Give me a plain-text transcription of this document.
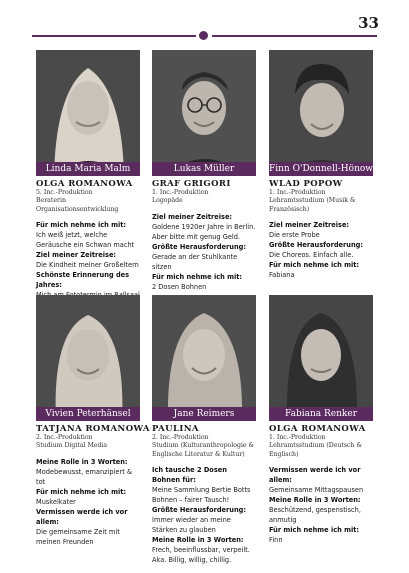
33
Linda Maria Malm
OLGA ROMANOWA
5. Inc.-Produktion
Beraterin Organisationsentwicklung
Für mich nehme ich mit:
Ich weiß jetzt, welche Geräusche ein Schwan macht
Ziel meiner Zeitreise:
Die Kindheit meiner Großeltern
Schönste Erinnerung des Jahres:
Lukas Müller
GRAF GRIGORI
1. Inc.-Produktion
Logopäde
Ziel meiner Zeitreise:
Goldene 1920er Jahre in Berlin. Aber bitte mit genug Geld.
Größte Herausforderung:
Gerade an der Stuhlkante sitzen
Für mich nehme ich mit:
2 Dosen Bohnen
Finn O'Donnell-Hönow
WLAD POPOW
1. Inc.-Produktion
Lehramtsstudium (Musik &
Französisch)
Ziel meiner Zeitreise:
Die erste Probe
Größte Herausforderung:
Die Choreos. Einfach alle.
Für mich nehme ich mit:
Fabiana
Vivien Peterhänsel
TATJANA ROMANOWA
2. Inc.-Produktion
Studium Digital Media
Meine Rolle in 3 Worten:
Modebewusst, emanzipiert & tot
Für mich nehme ich mit:
Muskelkater
Vermissen werde ich vor allem:
Die gemeinsame Zeit mit meinen Freunden
Jane Reimers
PAULINA
2. Inc.-Produktion
Studium (Kulturanthropologie &
Englische Literatur & Kultur)
Ich tausche 2 Dosen Bohnen für:
Meine Sammlung Bertie Botts Bohnen – fairer Tausch!
Größte Herausforderung:
Immer wieder an meine Stärken zu glauben
Meine Rolle in 3 Worten:
Frech, beeinflussbar, verpeilt. Aka. Billig, willig, chillig.
Fabiana Renker
OLGA ROMANOWA
1. Inc.-Produktion
Lehramtsstudium (Deutsch &
Englisch)
Vermissen werde ich vor allem:
Gemeinsame Mittagspausen
Meine Rolle in 3 Worten:
Beschützend, gespenstisch, anmutig
Für mich nehme ich mit:
Finn
